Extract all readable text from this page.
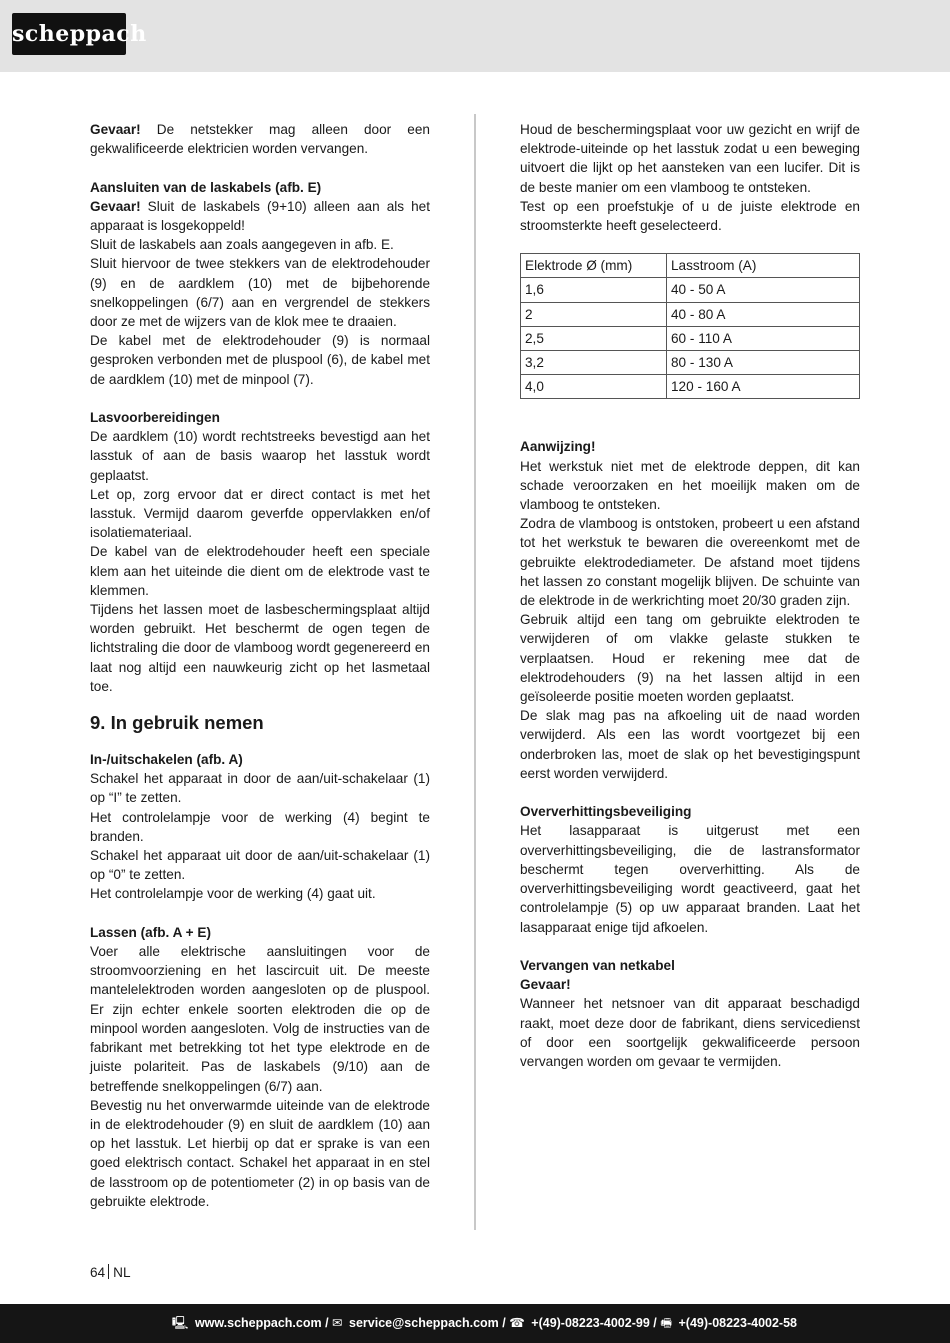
scheppach

Gevaar! De netstekker mag alleen door een gekwalificeerde elektricien worden vervangen.

Aansluiten van de laskabels (afb. E)

Gevaar! Sluit de laskabels (9+10) alleen aan als het apparaat is losgekoppeld!

Sluit de laskabels aan zoals aangegeven in afb. E.

Sluit hiervoor de twee stekkers van de elektrodehouder (9) en de aardklem (10) met de bijbehorende snelkoppelingen (6/7) aan en vergrendel de stekkers door ze met de wijzers van de klok mee te draaien.

De kabel met de elektrodehouder (9) is normaal gesproken verbonden met de pluspool (6), de kabel met de aardklem (10) met de minpool (7).

Lasvoorbereidingen

De aardklem (10) wordt rechtstreeks bevestigd aan het lasstuk of aan de basis waarop het lasstuk wordt geplaatst.

Let op, zorg ervoor dat er direct contact is met het lasstuk. Vermijd daarom geverfde oppervlakken en/of isolatiemateriaal.

De kabel van de elektrodehouder heeft een speciale klem aan het uiteinde die dient om de elektrode vast te klemmen.

Tijdens het lassen moet de lasbeschermingsplaat altijd worden gebruikt. Het beschermt de ogen tegen de lichtstraling die door de vlamboog wordt gegenereerd en laat nog altijd een nauwkeurig zicht op het lasmetaal toe.

9. In gebruik nemen

In-/uitschakelen (afb. A)

Schakel het apparaat in door de aan/uit-schakelaar (1) op “I” te zetten.

Het controlelampje voor de werking (4) begint te branden.

Schakel het apparaat uit door de aan/uit-schakelaar (1) op “0” te zetten.

Het controlelampje voor de werking (4) gaat uit.

Lassen (afb. A + E)

Voer alle elektrische aansluitingen voor de stroomvoorziening en het lascircuit uit. De meeste mantelelektroden worden aangesloten op de pluspool. Er zijn echter enkele soorten elektroden die op de minpool worden aangesloten. Volg de instructies van de fabrikant met betrekking tot het type elektrode en de juiste polariteit. Pas de laskabels (9/10) aan de betreffende snelkoppelingen (6/7) aan.

Bevestig nu het onverwarmde uiteinde van de elektrode in de elektrodehouder (9) en sluit de aardklem (10) aan op het lasstuk. Let hierbij op dat er sprake is van een goed elektrisch contact. Schakel het apparaat in en stel de lasstroom op de potentiometer (2) in op basis van de gebruikte elektrode.

Houd de beschermingsplaat voor uw gezicht en wrijf de elektrode-uiteinde op het lasstuk zodat u een beweging uitvoert die lijkt op het aansteken van een lucifer. Dit is de beste manier om een vlamboog te ontsteken.

Test op een proefstukje of u de juiste elektrode en stroomsterkte heeft geselecteerd.

Elektrode Ø (mm)	Lasstroom (A)
1,6	40 - 50 A
2	40 - 80 A
2,5	60 - 110 A
3,2	80 - 130 A
4,0	120 - 160 A

Aanwijzing!

Het werkstuk niet met de elektrode deppen, dit kan schade veroorzaken en het moeilijk maken om de vlamboog te ontsteken.

Zodra de vlamboog is ontstoken, probeert u een afstand tot het werkstuk te bewaren die overeenkomt met de gebruikte elektrodediameter. De afstand moet tijdens het lassen zo constant mogelijk blijven. De schuinte van de elektrode in de werkrichting moet 20/30 graden zijn.

Gebruik altijd een tang om gebruikte elektroden te verwijderen of om vlakke gelaste stukken te verplaatsen. Houd er rekening mee dat de elektrodehouders (9) na het lassen altijd in een geïsoleerde positie moeten worden geplaatst.

De slak mag pas na afkoeling uit de naad worden verwijderd. Als een las wordt voortgezet bij een onderbroken las, moet de slak op het bevestigingspunt eerst worden verwijderd.

Oververhittingsbeveiliging

Het lasapparaat is uitgerust met een oververhittingsbeveiliging, die de lastransformator beschermt tegen oververhitting. Als de oververhittingsbeveiliging wordt geactiveerd, gaat het controlelampje (5) op uw apparaat branden. Laat het lasapparaat enige tijd afkoelen.

Vervangen van netkabel

Gevaar!

Wanneer het netsnoer van dit apparaat beschadigd raakt, moet deze door de fabrikant, diens servicedienst of door een soortgelijk gekwalificeerde persoon vervangen worden om gevaar te vermijden.

64 NL
🖳 www.scheppach.com / ✉ service@scheppach.com / ☎ +(49)-08223-4002-99 / 🖷 +(49)-08223-4002-58
